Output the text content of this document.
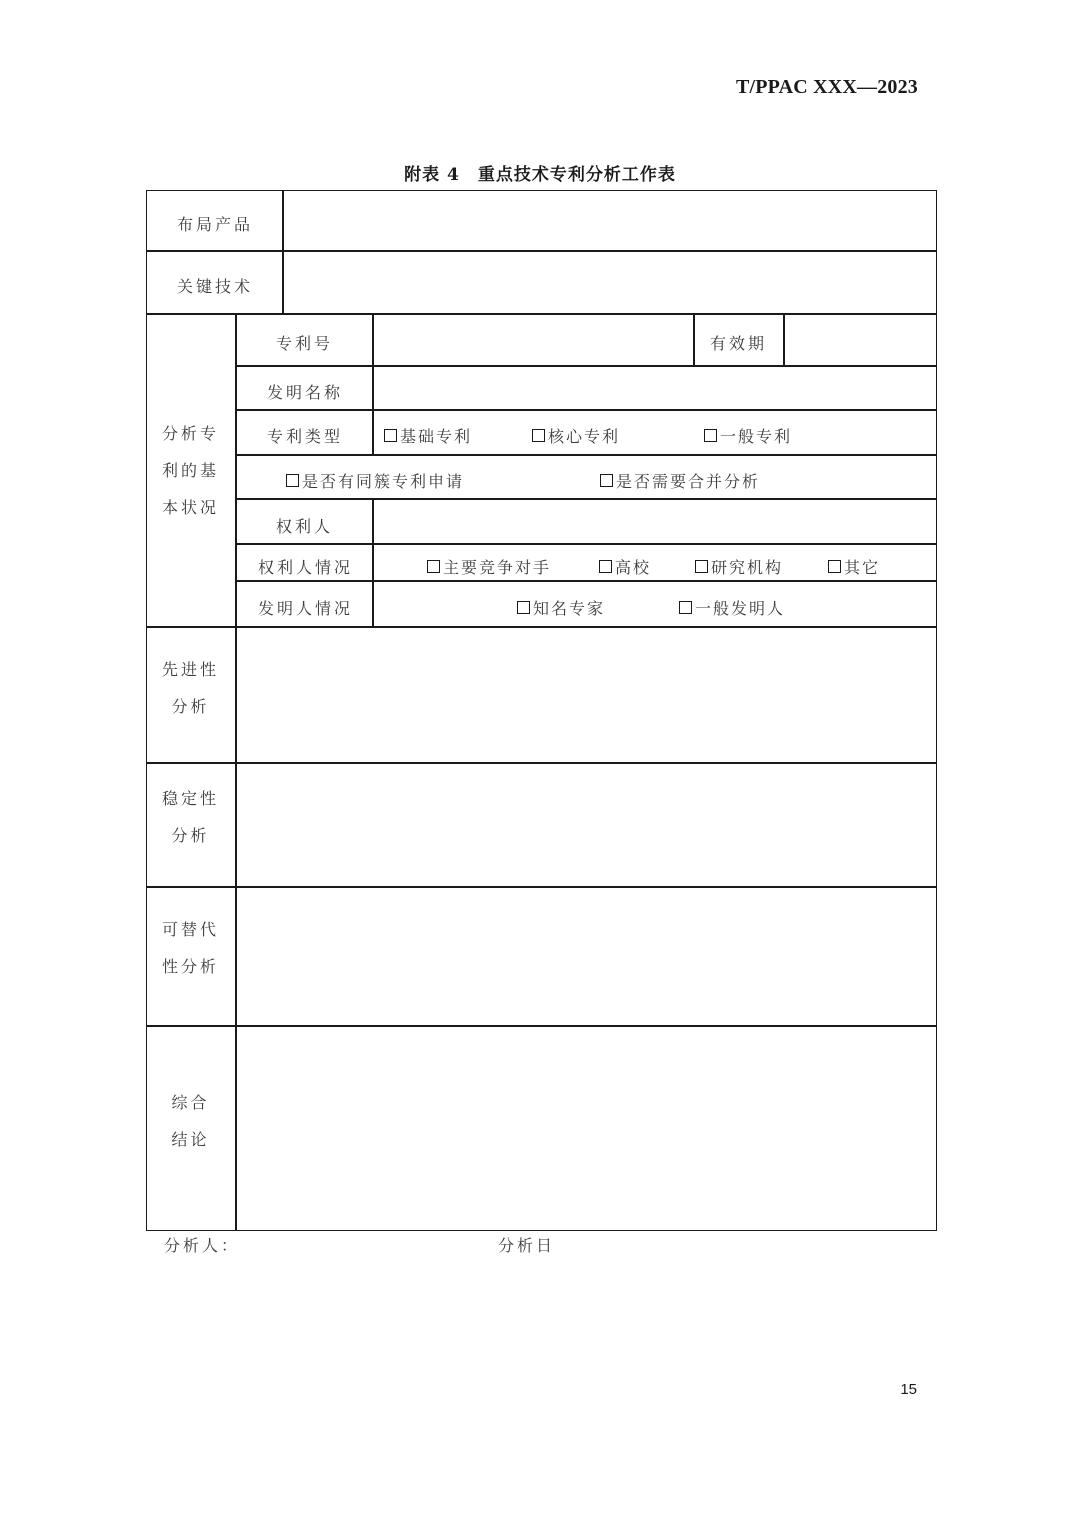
T/PPAC XXX—2023
附表 4 重点技术专利分析工作表
布局产品
关键技术
分析专
利的基
本状况
专利号	有效期
发明名称
专利类型	基础专利	核心专利	一般专利
是否有同簇专利申请	是否需要合并分析
权利人
权利人情况	主要竞争对手	高校	研究机构	其它
发明人情况	知名专家	一般发明人
先进性
分析
稳定性
分析
可替代
性分析
综合
结论
分析人：	分析日
15
